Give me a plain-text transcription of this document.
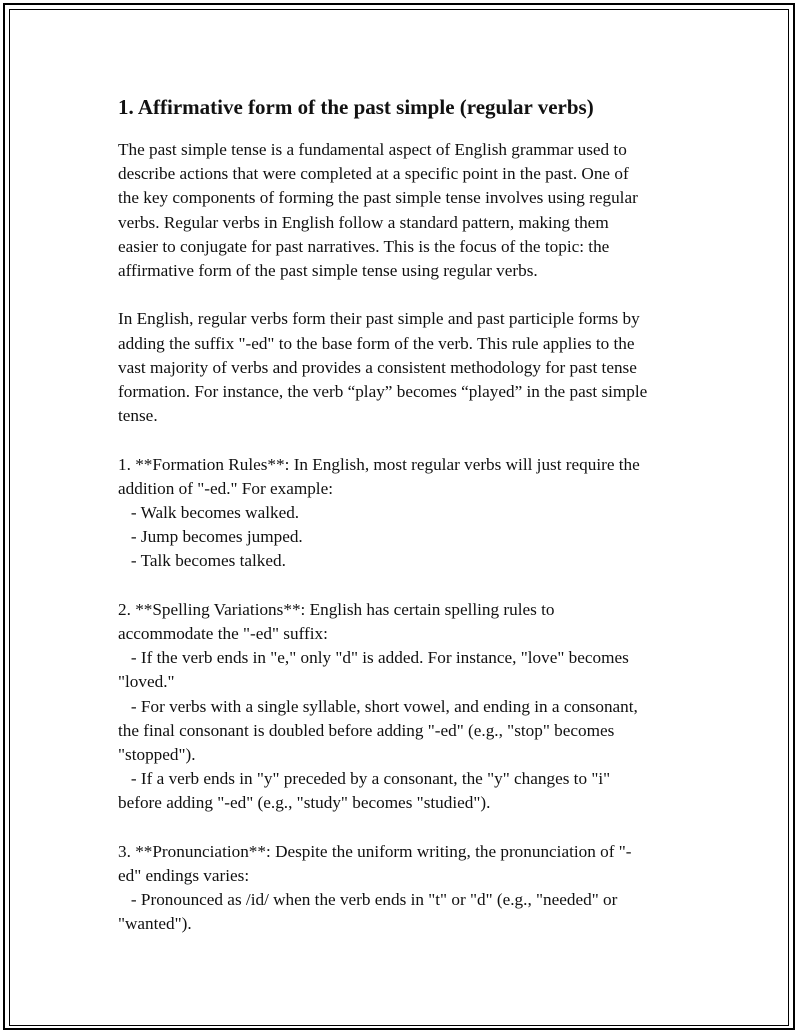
1. Affirmative form of the past simple (regular verbs)

The past simple tense is a fundamental aspect of English grammar used to
describe actions that were completed at a specific point in the past. One of
the key components of forming the past simple tense involves using regular
verbs. Regular verbs in English follow a standard pattern, making them
easier to conjugate for past narratives. This is the focus of the topic: the
affirmative form of the past simple tense using regular verbs.

In English, regular verbs form their past simple and past participle forms by
adding the suffix "-ed" to the base form of the verb. This rule applies to the
vast majority of verbs and provides a consistent methodology for past tense
formation. For instance, the verb “play” becomes “played” in the past simple
tense.

1. **Formation Rules**: In English, most regular verbs will just require the
addition of "-ed." For example:
- Walk becomes walked.
- Jump becomes jumped.
- Talk becomes talked.

2. **Spelling Variations**: English has certain spelling rules to
accommodate the "-ed" suffix:
- If the verb ends in "e," only "d" is added. For instance, "love" becomes
"loved."
- For verbs with a single syllable, short vowel, and ending in a consonant,
the final consonant is doubled before adding "-ed" (e.g., "stop" becomes
"stopped").
- If a verb ends in "y" preceded by a consonant, the "y" changes to "i"
before adding "-ed" (e.g., "study" becomes "studied").

3. **Pronunciation**: Despite the uniform writing, the pronunciation of "-
ed" endings varies:
- Pronounced as /id/ when the verb ends in "t" or "d" (e.g., "needed" or
"wanted").
